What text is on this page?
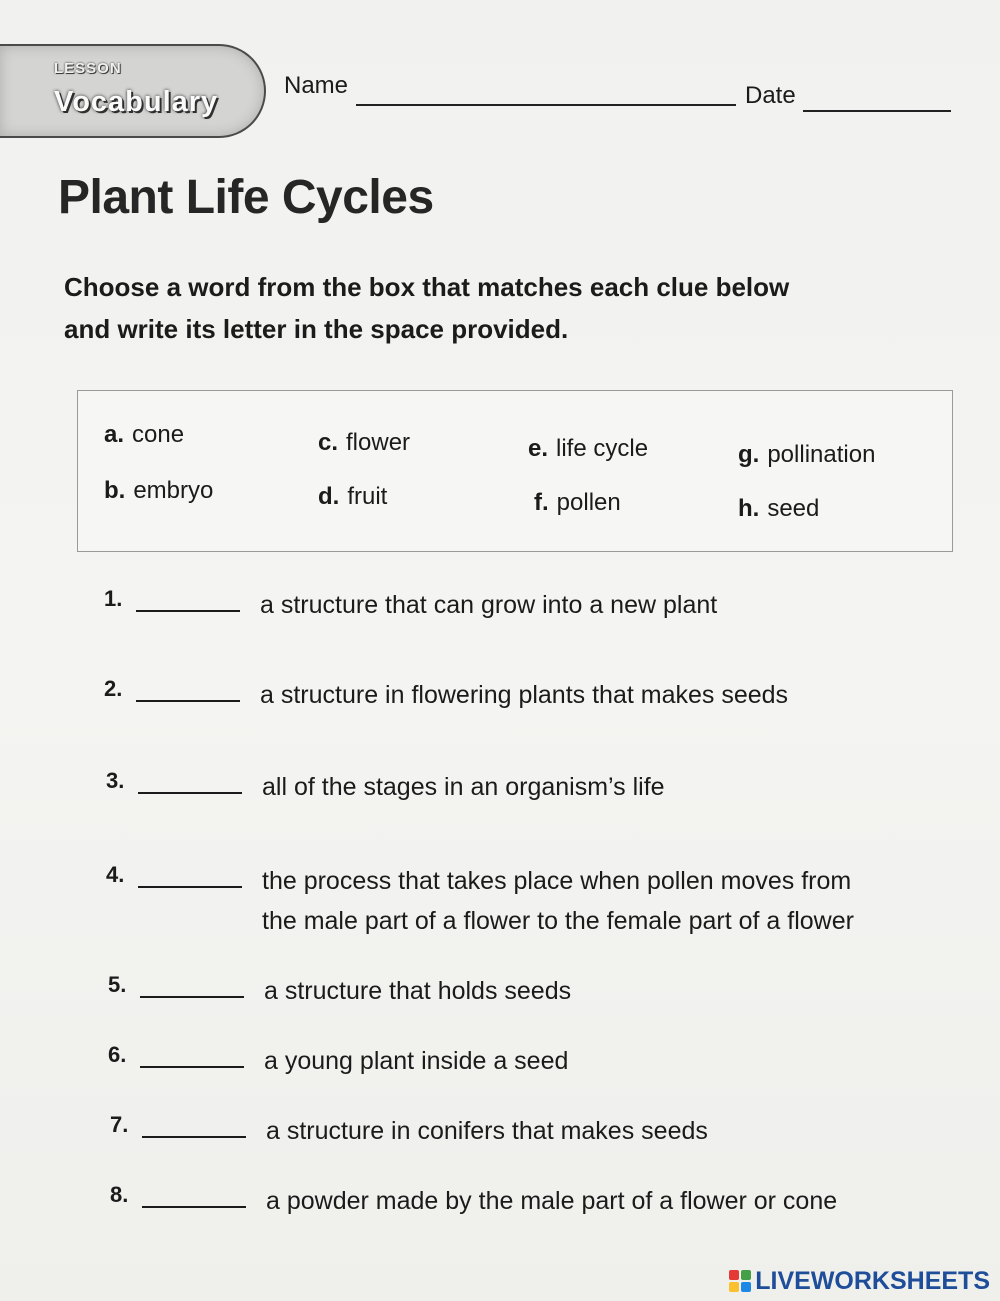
LESSON
Vocabulary
Name	Date
Plant Life Cycles
Choose a word from the box that matches each clue below and write its letter in the space provided.
a. cone
b. embryo
c. flower
d. fruit
e. life cycle
f. pollen
g. pollination
h. seed
1.	a structure that can grow into a new plant
2.	a structure in flowering plants that makes seeds
3.	all of the stages in an organism’s life
4.	the process that takes place when pollen moves from
the male part of a flower to the female part of a flower
5.	a structure that holds seeds
6.	a young plant inside a seed
7.	a structure in conifers that makes seeds
8.	a powder made by the male part of a flower or cone
LIVEWORKSHEETS
